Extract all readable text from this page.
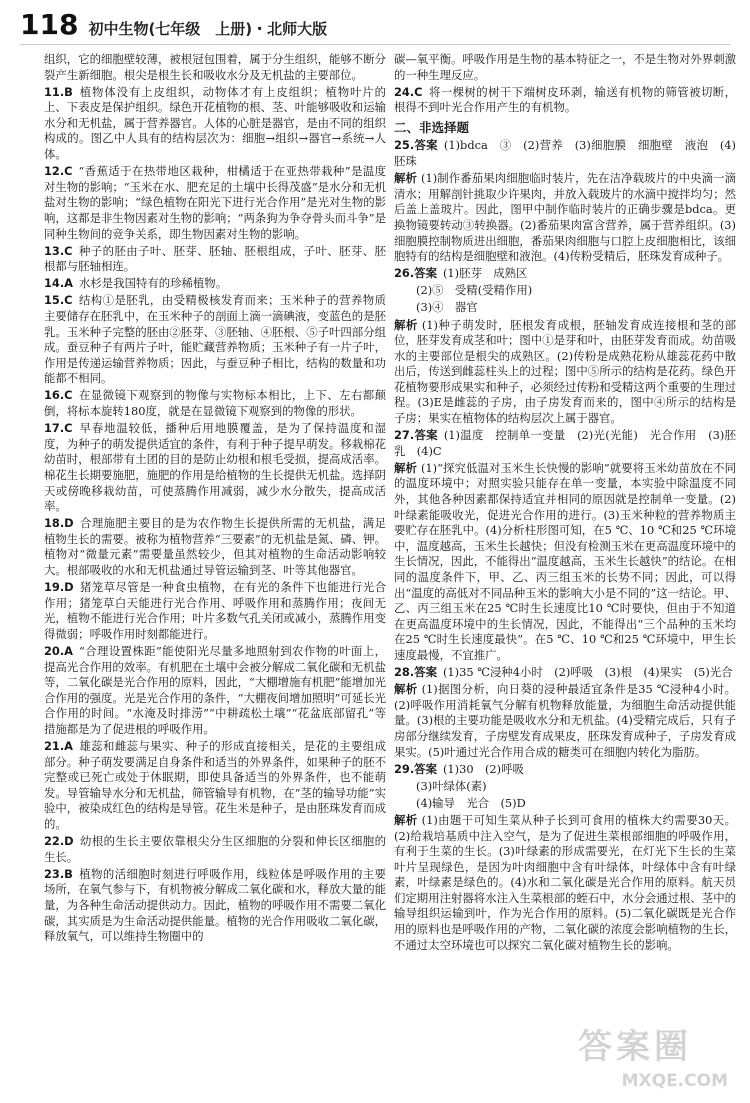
118 初中生物(七年级　上册)・北师大版

组织，它的细胞壁较薄，被根冠包围着，属于分生组织，能够不断分裂产生新细胞。根尖是根生长和吸收水分及无机盐的主要部位。

11.B 植物体没有上皮组织，动物体才有上皮组织；植物叶片的上、下表皮是保护组织。绿色开花植物的根、茎、叶能够吸收和运输水分和无机盐，属于营养器官。人体的心脏是器官，是由不同的组织构成的。图乙中人具有的结构层次为：细胞→组织→器官→系统→人体。

12.C “香蕉适于在热带地区栽种，柑橘适于在亚热带栽种”是温度对生物的影响；“玉米在水、肥充足的土壤中长得茂盛”是水分和无机盐对生物的影响；“绿色植物在阳光下进行光合作用”是光对生物的影响，这都是非生物因素对生物的影响；“两条狗为争夺骨头而斗争”是同种生物间的竞争关系，即生物因素对生物的影响。

13.C 种子的胚由子叶、胚芽、胚轴、胚根组成，子叶、胚芽、胚根都与胚轴相连。

14.A 水杉是我国特有的珍稀植物。

15.C 结构①是胚乳，由受精极核发育而来；玉米种子的营养物质主要储存在胚乳中，在玉米种子的剖面上滴一滴碘液，变蓝色的是胚乳。玉米种子完整的胚由②胚芽、③胚轴、④胚根、⑤子叶四部分组成。蚕豆种子有两片子叶，能贮藏营养物质；玉米种子有一片子叶，作用是传递运输营养物质；因此，与蚕豆种子相比，结构的数量和功能都不相同。

16.C 在显微镜下观察到的物像与实物标本相比，上下、左右都颠倒，将标本旋转180度，就是在显微镜下观察到的物像的形状。

17.C 早春地温较低，播种后用地膜覆盖，是为了保持温度和湿度，为种子的萌发提供适宜的条件，有利于种子提早萌发。移栽棉花幼苗时，根部带有土团的目的是防止幼根和根毛受损，提高成活率。棉花生长期要施肥，施肥的作用是给植物的生长提供无机盐。选择阴天或傍晚移栽幼苗，可使蒸腾作用减弱，减少水分散失，提高成活率。

18.D 合理施肥主要目的是为农作物生长提供所需的无机盐，满足植物生长的需要。被称为植物营养“三要素”的无机盐是氮、磷、钾。植物对“微量元素”需要量虽然较少，但其对植物的生命活动影响较大。根部吸收的水和无机盐通过导管运输到茎、叶等其他器官。

19.D 猪笼草尽管是一种食虫植物，在有光的条件下也能进行光合作用；猪笼草白天能进行光合作用、呼吸作用和蒸腾作用；夜间无光，植物不能进行光合作用；叶片多数气孔关闭或减小，蒸腾作用变得微弱；呼吸作用时刻都能进行。

20.A “合理设置株距”能使阳光尽量多地照射到农作物的叶面上，提高光合作用的效率。有机肥在土壤中会被分解成二氧化碳和无机盐等，二氧化碳是光合作用的原料，因此，“大棚增施有机肥”能增加光合作用的强度。光是光合作用的条件，“大棚夜间增加照明”可延长光合作用的时间。“水淹及时排涝”“中耕疏松土壤”“花盆底部留孔”等措施都是为了促进根的呼吸作用。

21.A 雄蕊和雌蕊与果实、种子的形成直接相关，是花的主要组成部分。种子萌发要满足自身条件和适当的外界条件，如果种子的胚不完整或已死亡或处于休眠期，即使具备适当的外界条件，也不能萌发。导管输导水分和无机盐，筛管输导有机物，在“茎的输导功能”实验中，被染成红色的结构是导管。花生米是种子，是由胚珠发育而成的。

22.D 幼根的生长主要依靠根尖分生区细胞的分裂和伸长区细胞的生长。

23.B 植物的活细胞时刻进行呼吸作用，线粒体是呼吸作用的主要场所，在氧气参与下，有机物被分解成二氧化碳和水，释放大量的能量，为各种生命活动提供动力。因此，植物的呼吸作用不需要二氧化碳，其实质是为生命活动提供能量。植物的光合作用吸收二氧化碳，释放氧气，可以维持生物圈中的

碳—氧平衡。呼吸作用是生物的基本特征之一，不是生物对外界刺激的一种生理反应。

24.C 将一棵树的树干下端树皮环剥，输送有机物的筛管被切断，根得不到叶光合作用产生的有机物。

二、非选择题

25.答案 (1)bdca　③　(2)营养　(3)细胞膜　细胞壁　液泡　(4)胚珠

解析 (1)制作番茄果肉细胞临时装片，先在洁净载玻片的中央滴一滴清水；用解剖针挑取少许果肉，并放入载玻片的水滴中搅拌均匀；然后盖上盖玻片。因此，图甲中制作临时装片的正确步骤是bdca。更换物镜要转动③转换器。(2)番茄果肉富含营养，属于营养组织。(3)细胞膜控制物质进出细胞，番茄果肉细胞与口腔上皮细胞相比，该细胞特有的结构是细胞壁和液泡。(4)传粉受精后，胚珠发育成种子。

26.答案 (1)胚芽　成熟区

(2)⑤　受精(受精作用)

(3)④　器官

解析 (1)种子萌发时，胚根发育成根，胚轴发育成连接根和茎的部位，胚芽发育成茎和叶；图中①是芽和叶，由胚芽发育而成。幼苗吸水的主要部位是根尖的成熟区。(2)传粉是成熟花粉从雄蕊花药中散出后，传送到雌蕊柱头上的过程；图中⑤所示的结构是花药。绿色开花植物要形成果实和种子，必须经过传粉和受精这两个重要的生理过程。(3)E是雌蕊的子房，由子房发育而来的，图中④所示的结构是子房；果实在植物体的结构层次上属于器官。

27.答案 (1)温度　控制单一变量　(2)光(光能)　光合作用　(3)胚乳　(4)C

解析 (1)“探究低温对玉米生长快慢的影响”就要将玉米幼苗放在不同的温度环境中；对照实验只能存在单一变量，本实验中除温度不同外，其他各种因素都保持适宜并相同的原因就是控制单一变量。(2)叶绿素能吸收光，促进光合作用的进行。(3)玉米种粒的营养物质主要贮存在胚乳中。(4)分析柱形图可知，在5 ℃、10 ℃和25 ℃环境中，温度越高，玉米生长越快；但没有检测玉米在更高温度环境中的生长情况，因此，不能得出“温度越高，玉米生长越快”的结论。在相同的温度条件下，甲、乙、丙三组玉米的长势不同；因此，可以得出“温度的高低对不同品种玉米的影响大小是不同的”这一结论。甲、乙、丙三组玉米在25 ℃时生长速度比10 ℃时要快，但由于不知道在更高温度环境中的生长情况，因此，不能得出“三个品种的玉米均在25 ℃时生长速度最快”。在5 ℃、10 ℃和25 ℃环境中，甲生长速度最慢，不宜推广。

28.答案 (1)35 ℃浸种4小时　(2)呼吸　(3)根　(4)果实　(5)光合

解析 (1)据图分析，向日葵的浸种最适宜条件是35 ℃浸种4小时。(2)呼吸作用消耗氧气分解有机物释放能量，为细胞生命活动提供能量。(3)根的主要功能是吸收水分和无机盐。(4)受精完成后，只有子房部分继续发育，子房壁发育成果皮，胚珠发育成种子，子房发育成果实。(5)叶通过光合作用合成的糖类可在细胞内转化为脂肪。

29.答案 (1)30　(2)呼吸

(3)叶绿体(素)

(4)输导　光合　(5)D

解析 (1)由题干可知生菜从种子长到可食用的植株大约需要30天。(2)给栽培基质中注入空气，是为了促进生菜根部细胞的呼吸作用，有利于生菜的生长。(3)叶绿素的形成需要光，在灯光下生长的生菜叶片呈现绿色，是因为叶肉细胞中含有叶绿体，叶绿体中含有叶绿素，叶绿素是绿色的。(4)水和二氧化碳是光合作用的原料。航天员们定期用注射器将水注入生菜根部的蛭石中，水分会通过根、茎中的输导组织运输到叶，作为光合作用的原料。(5)二氧化碳既是光合作用的原料也是呼吸作用的产物，二氧化碳的浓度会影响植物的生长，不通过太空环境也可以探究二氧化碳对植物生长的影响。

答案圈
MXQE.COM
